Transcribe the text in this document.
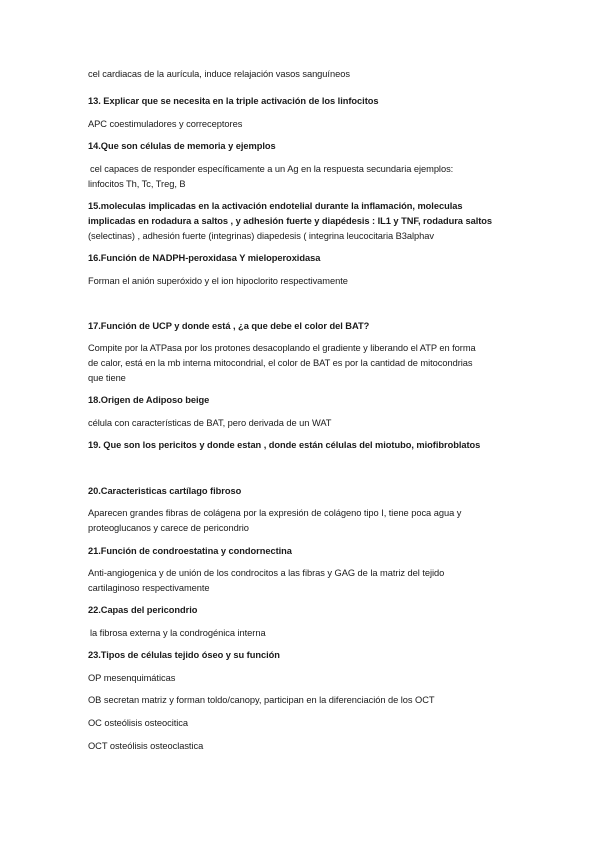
cel cardiacas de la aurícula, induce relajación vasos sanguíneos
13. Explicar que se necesita en la triple activación de los linfocitos
APC coestimuladores y correceptores
14.Que son células de memoria y ejemplos
cel capaces de responder específicamente a un Ag en la respuesta secundaria ejemplos:
linfocitos Th, Tc, Treg, B
15.moleculas implicadas en la activación endotelial durante la inflamación, moleculas
implicadas en rodadura a saltos , y adhesión fuerte y diapédesis : IL1 y TNF, rodadura saltos
(selectinas) , adhesión fuerte (integrinas) diapedesis ( integrina leucocitaria B3alphav
16.Función de NADPH-peroxidasa Y mieloperoxidasa
Forman el anión superóxido y el ion hipoclorito respectivamente
17.Función de UCP y donde está , ¿a que debe el color del BAT?
Compite por la ATPasa por los protones desacoplando el gradiente y liberando el ATP en forma
de calor, está en la mb interna mitocondrial, el color de BAT es por la cantidad de mitocondrias
que tiene
18.Origen de Adiposo beige
célula con características de BAT, pero derivada de un WAT
19. Que son los pericitos y donde estan , donde están células del miotubo, miofibroblatos
20.Caracteristicas cartílago fibroso
Aparecen grandes fibras de colágena por la expresión de colágeno tipo I, tiene poca agua y
proteoglucanos y carece de pericondrio
21.Función de condroestatina y condornectina
Anti-angiogenica y de unión de los condrocitos a las fibras y GAG de la matriz del tejido
cartilaginoso respectivamente
22.Capas del pericondrio
la fibrosa externa y la condrogénica interna
23.Tipos de células tejido óseo y su función
OP mesenquimáticas
OB secretan matriz y forman toldo/canopy, participan en la diferenciación de los OCT
OC osteólisis osteocitica
OCT osteólisis osteoclastica
